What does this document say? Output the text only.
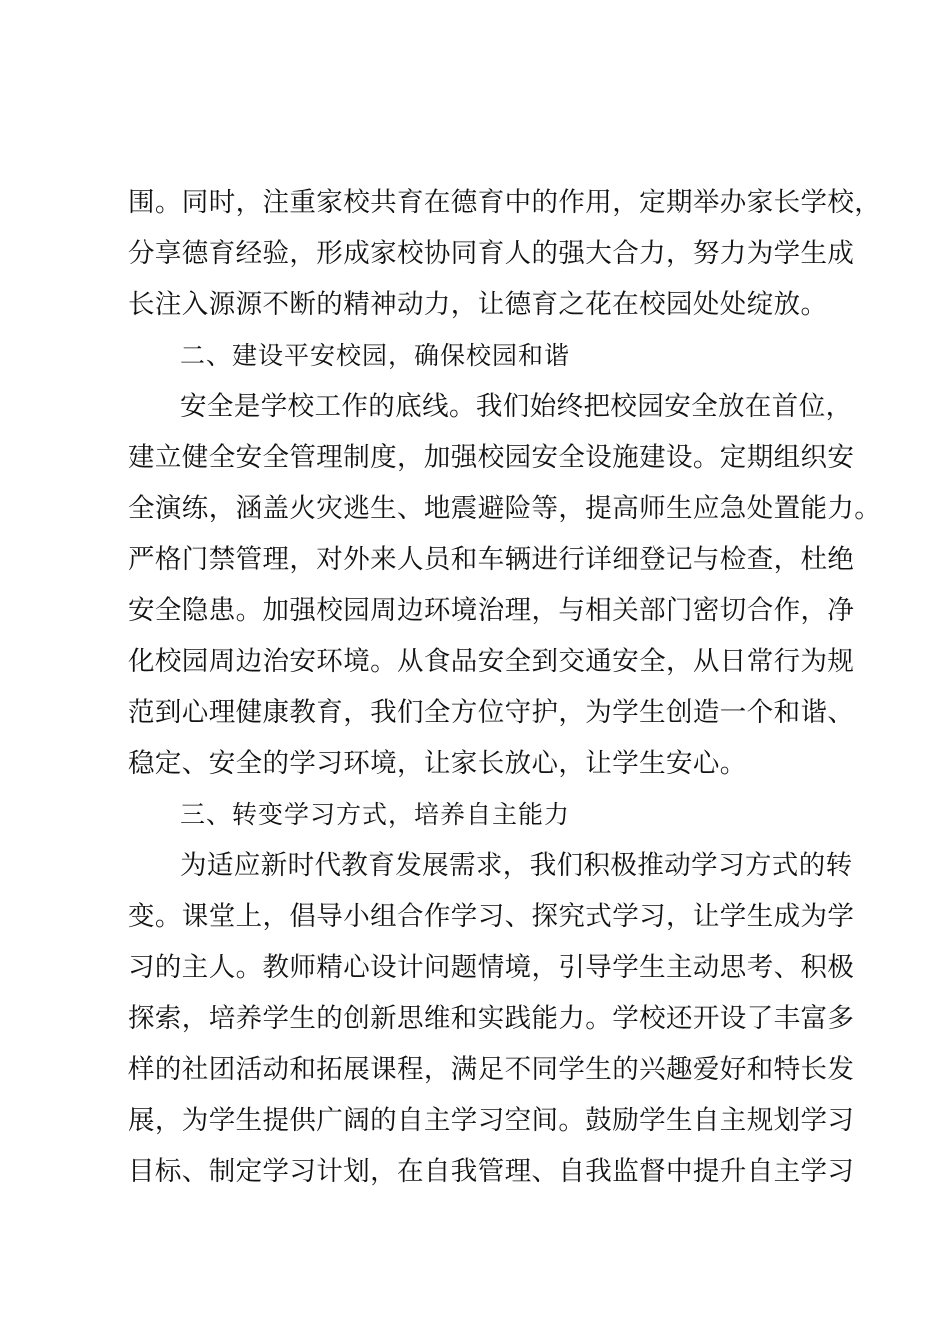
围。同时，注重家校共育在德育中的作用，定期举办家长学校，
分享德育经验，形成家校协同育人的强大合力，努力为学生成
长注入源源不断的精神动力，让德育之花在校园处处绽放。
二、建设平安校园，确保校园和谐
安全是学校工作的底线。我们始终把校园安全放在首位，
建立健全安全管理制度，加强校园安全设施建设。定期组织安
全演练，涵盖火灾逃生、地震避险等，提高师生应急处置能力。
严格门禁管理，对外来人员和车辆进行详细登记与检查，杜绝
安全隐患。加强校园周边环境治理，与相关部门密切合作，净
化校园周边治安环境。从食品安全到交通安全，从日常行为规
范到心理健康教育，我们全方位守护，为学生创造一个和谐、
稳定、安全的学习环境，让家长放心，让学生安心。
三、转变学习方式，培养自主能力
为适应新时代教育发展需求，我们积极推动学习方式的转
变。课堂上，倡导小组合作学习、探究式学习，让学生成为学
习的主人。教师精心设计问题情境，引导学生主动思考、积极
探索，培养学生的创新思维和实践能力。学校还开设了丰富多
样的社团活动和拓展课程，满足不同学生的兴趣爱好和特长发
展，为学生提供广阔的自主学习空间。鼓励学生自主规划学习
目标、制定学习计划，在自我管理、自我监督中提升自主学习
